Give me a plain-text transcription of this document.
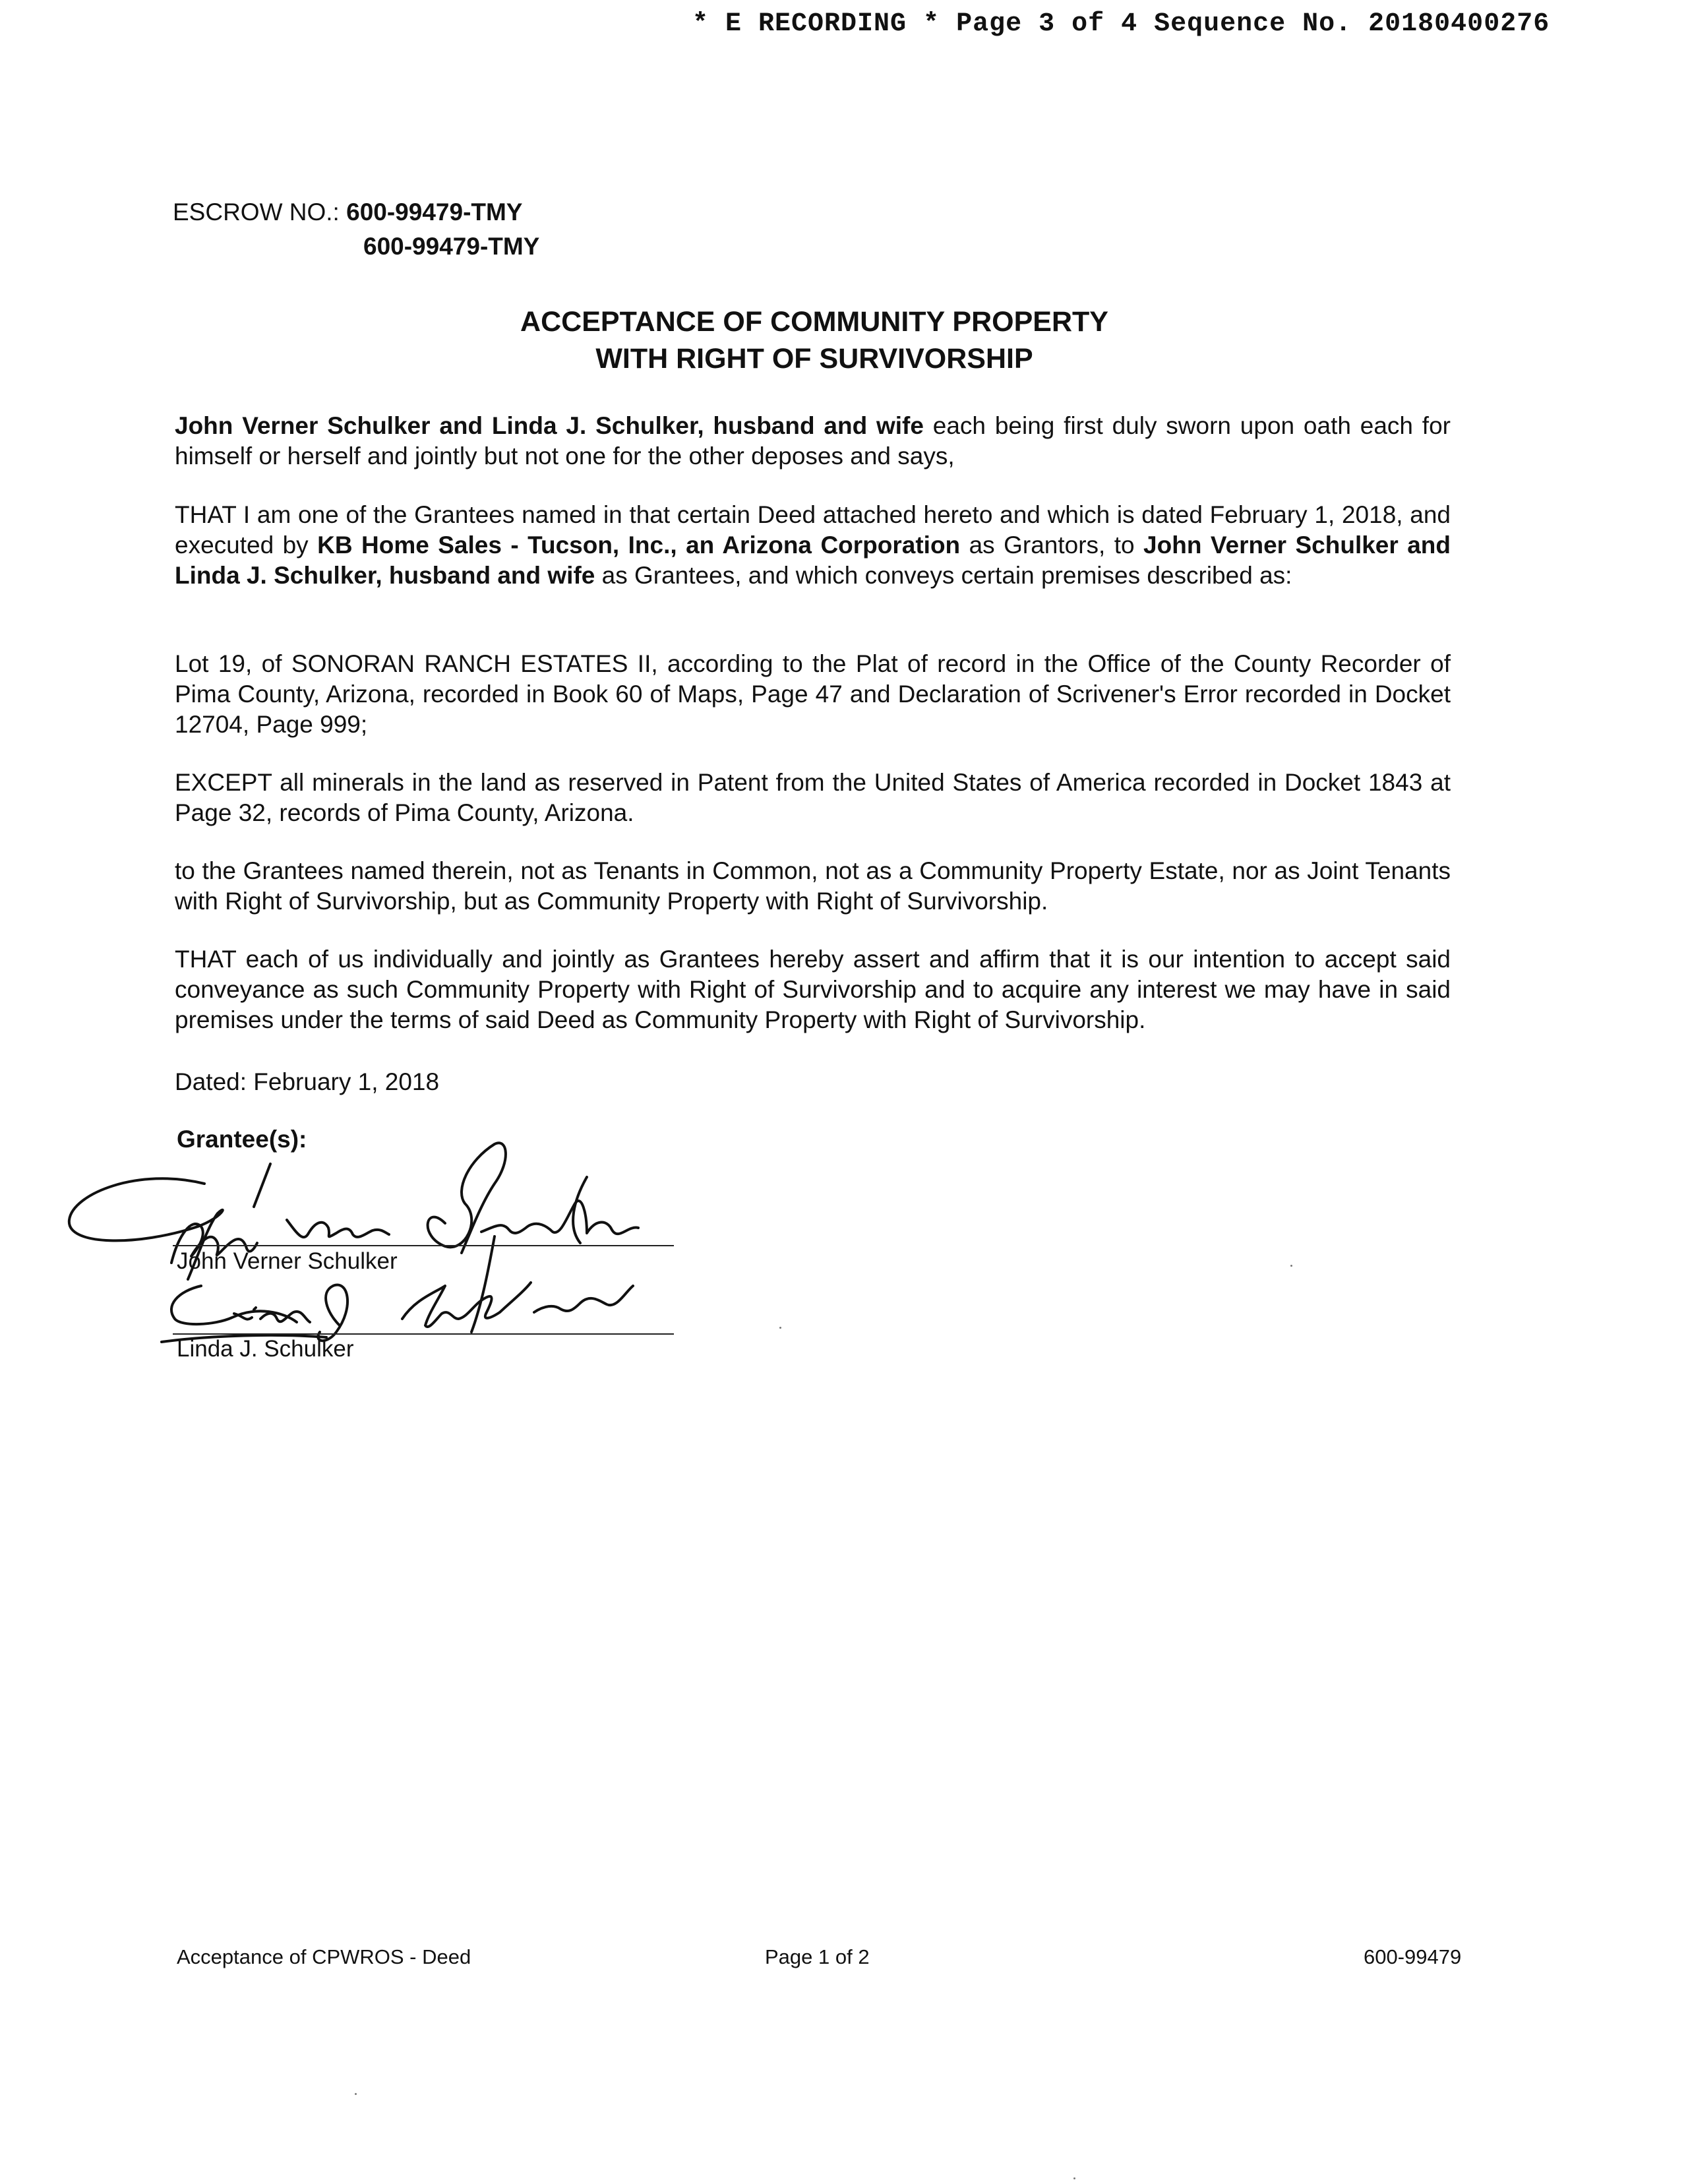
* E RECORDING * Page 3 of 4 Sequence No. 20180400276
ESCROW NO.: 600-99479-TMY
600-99479-TMY
ACCEPTANCE OF COMMUNITY PROPERTY
WITH RIGHT OF SURVIVORSHIP
John Verner Schulker and Linda J. Schulker, husband and wife each being first duly sworn upon oath each for himself or herself and jointly but not one for the other deposes and says,
THAT I am one of the Grantees named in that certain Deed attached hereto and which is dated February 1, 2018, and executed by KB Home Sales - Tucson, Inc., an Arizona Corporation as Grantors, to John Verner Schulker and Linda J. Schulker, husband and wife as Grantees, and which conveys certain premises described as:
Lot 19, of SONORAN RANCH ESTATES II, according to the Plat of record in the Office of the County Recorder of Pima County, Arizona, recorded in Book 60 of Maps, Page 47 and Declaration of Scrivener's Error recorded in Docket 12704, Page 999;
EXCEPT all minerals in the land as reserved in Patent from the United States of America recorded in Docket 1843 at Page 32, records of Pima County, Arizona.
to the Grantees named therein, not as Tenants in Common, not as a Community Property Estate, nor as Joint Tenants with Right of Survivorship, but as Community Property with Right of Survivorship.
THAT each of us individually and jointly as Grantees hereby assert and affirm that it is our intention to accept said conveyance as such Community Property with Right of Survivorship and to acquire any interest we may have in said premises under the terms of said Deed as Community Property with Right of Survivorship.
Dated: February 1, 2018
Grantee(s):
John Verner Schulker
Linda J. Schulker
Acceptance of CPWROS - Deed	Page 1 of 2	600-99479
